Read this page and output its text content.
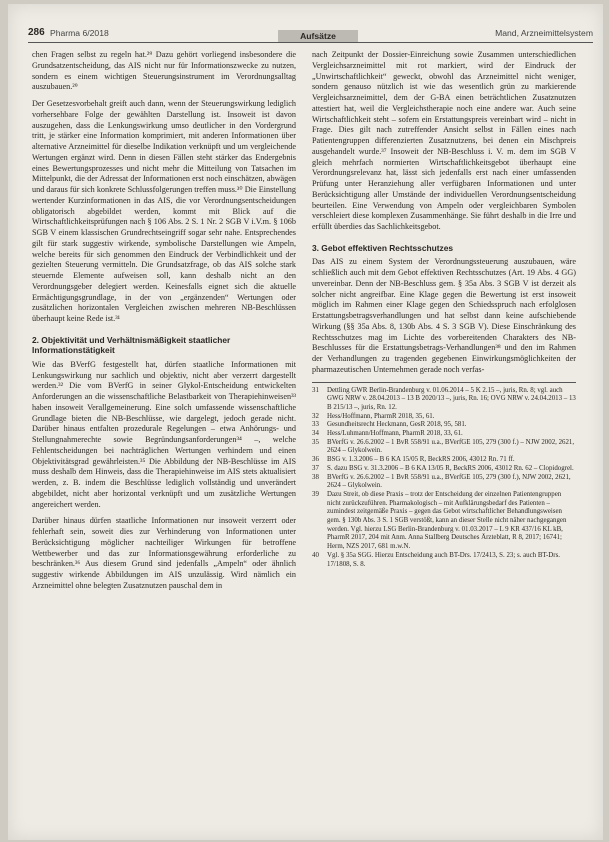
286 Pharma 6/2018	Aufsätze	Mand, Arzneimittelsystem

chen Fragen selbst zu regeln hat.²⁹ Dazu gehört vorliegend insbesondere die Grundsatzentscheidung, das AIS nicht nur für Informationszwecke zu nutzen, sondern es einem wichtigen Steuerungsinstrument im Verordnungsalltag auszubauen.²⁹

Der Gesetzesvorbehalt greift auch dann, wenn der Steuerungswirkung lediglich vorhersehbare Folge der gewählten Darstellung ist. Insoweit ist davon auszugehen, dass die Lenkungswirkung umso deutlicher in den Vordergrund tritt, je stärker eine Information komprimiert, mit anderen Informationen über alternative Arzneimittel für dieselbe Indikation verknüpft und um vergleichende Wertungen ergänzt wird. Denn in diesen Fällen steht stärker das Endergebnis eines Bewertungsprozesses und nicht mehr die Mitteilung von Tatsachen im Mittelpunkt, die der Adressat der Informationen erst noch einschätzen, abwägen und daraus für sich konkrete Schlussfolgerungen treffen muss.³⁰ Die Einstellung wertender Kurzinformationen in das AIS, die vor Verordnungsentscheidungen obligatorisch abgebildet werden, kommt mit Blick auf die Wirtschaftlichkeitsprüfungen nach § 106 Abs. 2 S. 1 Nr. 2 SGB V i.V.m. § 106b SGB V einem klassischen Grundrechtseingriff sogar sehr nahe. Entsprechendes gilt für stark suggestiv wirkende, symbolische Darstellungen wie Ampeln, welche bereits für sich genommen den Eindruck der Verbindlichkeit und der gezielten Steuerung vermitteln. Die Grundsatzfrage, ob das AIS solche stark steuernde Elemente aufweisen soll, kann deshalb nicht an den Verordnungsgeber delegiert werden. Keinesfalls eignet sich die aktuelle Ermächtigungsgrundlage, in der von „ergänzenden“ Wertungen oder zusätzlichen horizontalen Vergleichen zwischen mehreren NB-Beschlüssen überhaupt keine Rede ist.³¹

2. Objektivität und Verhältnismäßigkeit staatlicher Informationstätigkeit

Wie das BVerfG festgestellt hat, dürfen staatliche Informationen mit Lenkungswirkung nur sachlich und objektiv, nicht aber verzerrt dargestellt werden.³² Die vom BVerfG in seiner Glykol-Entscheidung entwickelten Anforderungen an die wissenschaftliche Belastbarkeit von Therapiehinweisen³³ haben insoweit Verallgemeinerung. Eine solch umfassende wissenschaftliche Grundlage bieten die NB-Beschlüsse, wie dargelegt, jedoch gerade nicht. Darüber hinaus entfalten prozedurale Regelungen – etwa Anhörungs- und Stellungnahmerechte sowie Begründungsanforderungen³⁴ –, welche Fehlentscheidungen bei nachträglichen Wertungen verhindern und einen Objektivitätsgrad gewährleisten.³⁵ Die Abbildung der NB-Beschlüsse im AIS muss deshalb dem Hinweis, dass die Therapiehinweise im AIS stets aktualisiert werden, z. B. indem die Beschlüsse lediglich vollständig und unverändert abgebildet, nicht aber horizontal verknüpft und um zusätzliche Wertungen angereichert werden.

Darüber hinaus dürfen staatliche Informationen nur insoweit verzerrt oder fehlerhaft sein, soweit dies zur Verhinderung von Informationen unter Berücksichtigung möglicher nachteiliger Wirkungen für betroffene Wettbewerber und das zur Informationsgewährung erforderliche zu beschränken.³⁶ Aus diesem Grund sind jedenfalls „Ampeln“ oder ähnlich suggestiv wirkende Abbildungen im AIS unzulässig. Wird nämlich ein Arzneimittel ohne belegten Zusatznutzen pauschal dem in

nach Zeitpunkt der Dossier-Einreichung sowie Zusammen unterschiedlichen Vergleichsarzneimittel mit rot markiert, wird der Eindruck der „Unwirtschaftlichkeit“ geweckt, obwohl das Arzneimittel nicht weniger, sondern genauso nützlich ist wie das wesentlich grün zu markierende Vergleichsarzneimittel, dem der G-BA einen beträchtlichen Zusatznutzen attestiert hat, weil die Vergleichstherapie noch eine andere war. Auch seine Wirtschaftlichkeit steht – sofern ein Erstattungspreis vereinbart wird – nicht in Frage. Dies gilt nach zutreffender Ansicht selbst in Fällen eines nach Patientengruppen differenzierten Zusatznutzens, bei denen ein Mischpreis ausgehandelt wurde.³⁷ Insoweit der NB-Beschluss i. V. m. dem im SGB V gleich mehrfach normierten Wirtschaftlichkeitsgebot überhaupt eine Verordnungsrelevanz hat, lässt sich jedenfalls erst nach einer umfassenden Prüfung unter Heranziehung aller verfügbaren Informationen und unter Berücksichtigung aller Umstände der individuellen Verordnungsentscheidung beurteilen. Eine Verwendung von Ampeln oder vergleichbaren Symbolen verschleiert diese komplexen Zusammenhänge. Sie führt deshalb in die Irre und erfüllt überdies das Sachlichkeitsgebot.

3. Gebot effektiven Rechtsschutzes

Das AIS zu einem System der Verordnungssteuerung auszubauen, wäre schließlich auch mit dem Gebot effektiven Rechtsschutzes (Art. 19 Abs. 4 GG) unvereinbar. Denn der NB-Beschluss gem. § 35a Abs. 3 SGB V ist derzeit als solcher nicht angreifbar. Eine Klage gegen die Bewertung ist erst insoweit möglich im Rahmen einer Klage gegen den Schiedsspruch nach erfolglosen Erstattungsbetragsverhandlungen und hat selbst dann keine aufschiebende Wirkung (§§ 35a Abs. 8, 130b Abs. 4 S. 3 SGB V). Diese Einschränkung des Rechtsschutzes mag im Lichte des vorbereitenden Charakters des NB-Beschlusses für die Erstattungsbetrags-Verhandlungen³⁸ und den im Rahmen der Verhandlungen zu tragenden gegebenen Einwirkungsmöglichkeiten der pharmazeutischen Unternehmen gerade noch verfas-

31	Dettling GWR Berlin-Brandenburg v. 01.06.2014 – 5 K 2.15 –, juris, Rn. 8; vgl. auch GWG NRW v. 28.04.2013 – 13 B 2020/13 –, juris, Rn. 16; OVG NRW v. 24.04.2013 – 13 B 215/13 –, juris, Rn. 12.
32	Hess/Hoffmann, PharmR 2018, 35, 61.
33	Gesundheitsrecht Heckmann, GesR 2018, 95, 581.
34	Hess/Luhmann/Hoffmann, PharmR 2018, 33, 61.
35	BVerfG v. 26.6.2002 – 1 BvR 558/91 u.a., BVerfGE 105, 279 (300 f.) – NJW 2002, 2621, 2624 – Glykolwein.
36	BSG v. 1.3.2006 – B 6 KA 15/05 R, BeckRS 2006, 43012 Rn. 71 ff.
37	S. dazu BSG v. 31.3.2006 – B 6 KA 13/05 R, BeckRS 2006, 43012 Rn. 62 – Clopidogrel.
38	BVerfG v. 26.6.2002 – 1 BvR 558/91 u.a., BVerfGE 105, 279 (300 f.), NJW 2002, 2621, 2624 – Glykolwein.
39	Dazu Streit, ob diese Praxis – trotz der Entscheidung der einzelnen Patientengruppen nicht zurückzuführen. Pharmakologisch – mit Aufklärungsbedarf des Patienten – zumindest zeitgemäße Praxis – gegen das Gebot wirtschaftlicher Behandlungsweisen gem. § 130b Abs. 3 S. 1 SGB verstößt, kann an dieser Stelle nicht näher nachgegangen werden. Vgl. hierzu LSG Berlin-Brandenburg v. 01.03.2017 – L 9 KR 437/16 KL kB, PharmR 2017, 204 mit Anm. Anna Stallberg Deutsches Ärzteblatt, R 8, 2017; 16741; Herm, NZS 2017, 681 m.w.N.
40	Vgl. § 35a SGG. Hierzu Entscheidung auch BT-Drs. 17/2413, S. 23; s. auch BT-Drs. 17/1808, S. 8.
